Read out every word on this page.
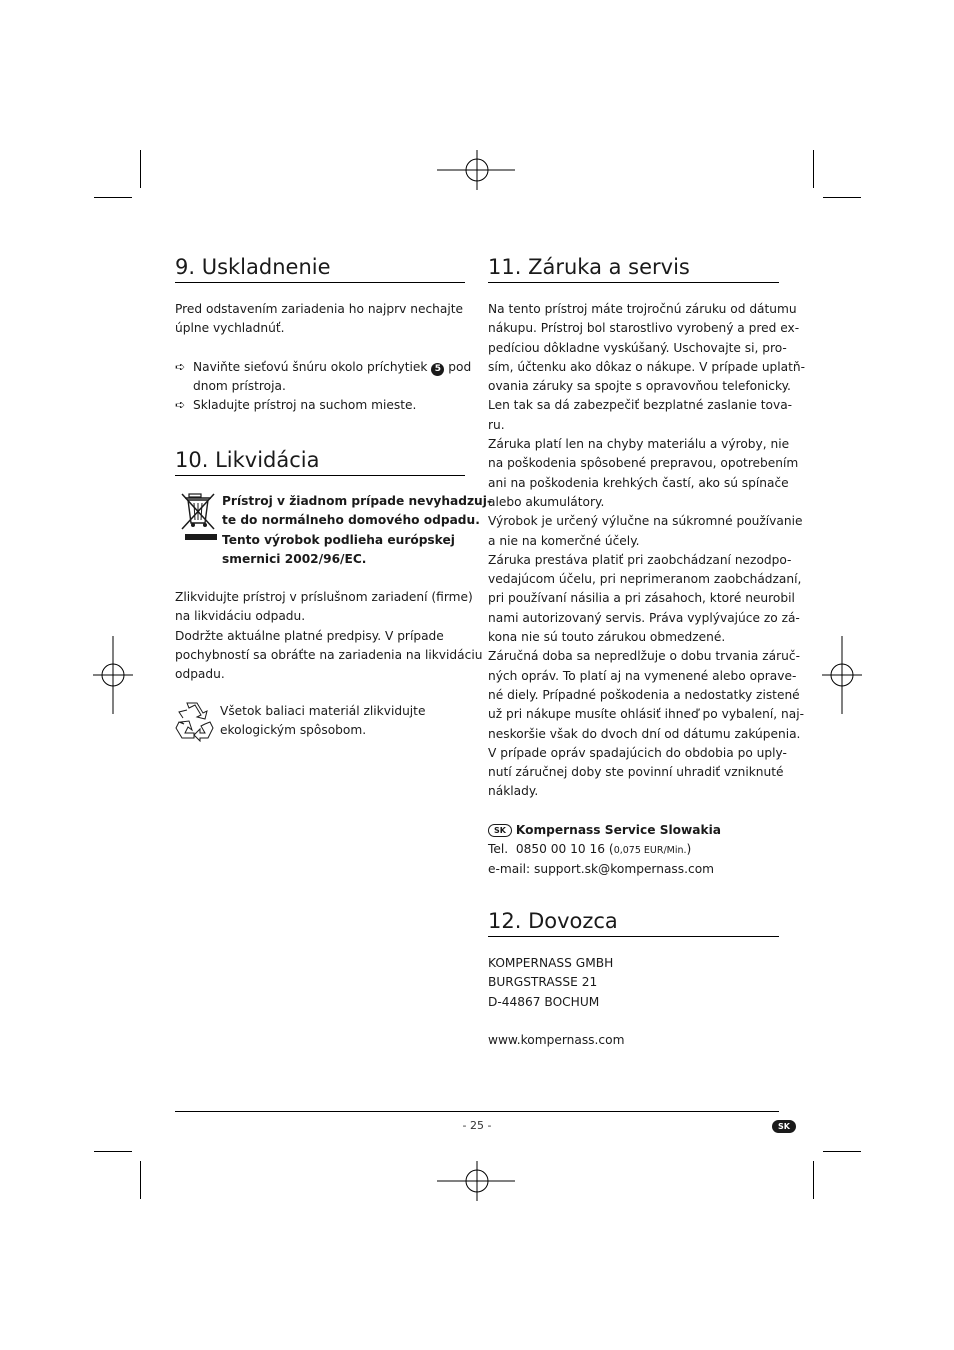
9. Uskladnenie

Pred odstavením zariadenia ho najprv nechajte
úplne vychladnúť.

➪ Naviňte sieťovú šnúru okolo príchytiek 5 pod
dnom prístroja.
➪ Skladujte prístroj na suchom mieste.
10. Likvidácia
Prístroj v žiadnom prípade nevyhadzuj-
te do normálneho domového odpadu.
Tento výrobok podlieha európskej
smernici 2002/96/EC.

Zlikvidujte prístroj v príslušnom zariadení (firme)
na likvidáciu odpadu.
Dodržte aktuálne platné predpisy. V prípade
pochybností sa obráťte na zariadenia na likvidáciu
odpadu.

Všetok baliaci materiál zlikvidujte
ekologickým spôsobom.
11. Záruka a servis

Na tento prístroj máte trojročnú záruku od dátumu
nákupu. Prístroj bol starostlivo vyrobený a pred ex-
pedíciou dôkladne vyskúšaný. Uschovajte si, pro-
sím, účtenku ako dôkaz o nákupe. V prípade uplatň-
ovania záruky sa spojte s opravovňou telefonicky.
Len tak sa dá zabezpečiť bezplatné zaslanie tova-
ru.
Záruka platí len na chyby materiálu a výroby, nie
na poškodenia spôsobené prepravou, opotrebením
ani na poškodenia krehkých častí, ako sú spínače
alebo akumulátory.
Výrobok je určený výlučne na súkromné používanie
a nie na komerčné účely.
Záruka prestáva platiť pri zaobchádzaní nezodpo-
vedajúcom účelu, pri neprimeranom zaobchádzaní,
pri používaní násilia a pri zásahoch, ktoré neurobil
nami autorizovaný servis. Práva vyplývajúce zo zá-
kona nie sú touto zárukou obmedzené.
Záručná doba sa nepredlžuje o dobu trvania záruč-
ných opráv. To platí aj na vymenené alebo opravе-
né diely. Prípadné poškodenia a nedostatky zistené
už pri nákupe musíte ohlásiť ihneď po vybalení, naj-
neskoršie však do dvoch dní od dátumu zakúpenia.
V prípade opráv spadajúcich do obdobia po uply-
nutí záručnej doby ste povinní uhradiť vzniknuté
náklady.

SK Kompernass Service Slowakia
Tel. 0850 00 10 16 (0,075 EUR/Min.)
e-mail: support.sk@kompernass.com
12. Dovozca

KOMPERNASS GMBH
BURGSTRASSE 21
D-44867 BOCHUM

www.kompernass.com

- 25 -	SK
